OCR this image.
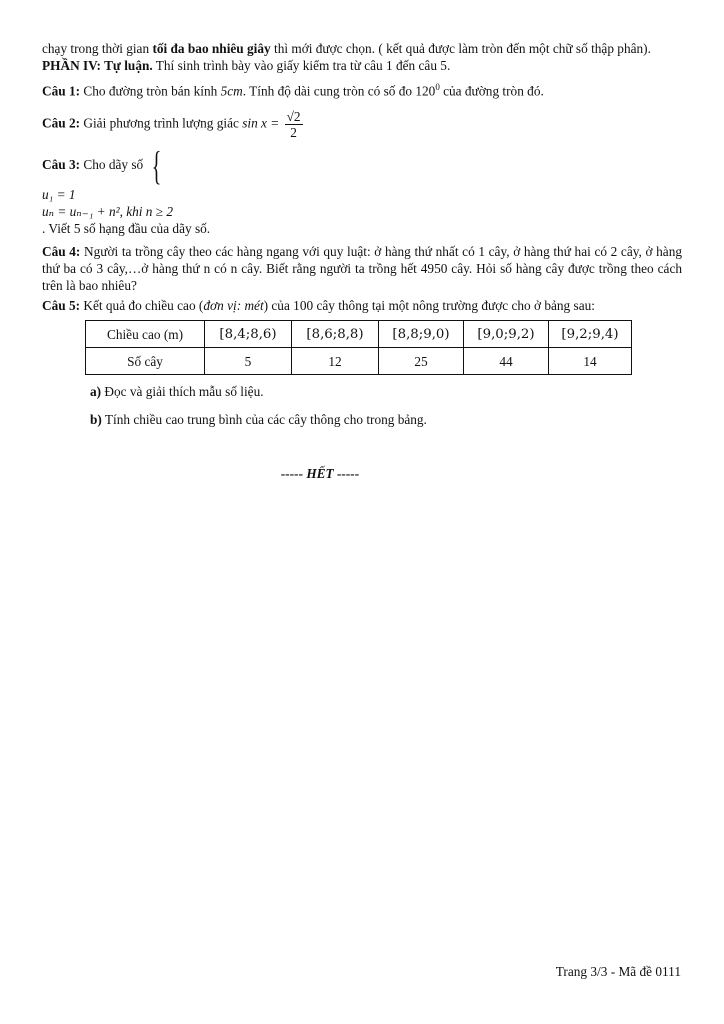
chạy trong thời gian tối đa bao nhiêu giây thì mới được chọn. ( kết quả được làm tròn đến một chữ số thập phân).

PHẦN IV: Tự luận. Thí sinh trình bày vào giấy kiểm tra từ câu 1 đến câu 5.

Câu 1: Cho đường tròn bán kính 5cm. Tính độ dài cung tròn có số đo $120^0$ của đường tròn đó.

Câu 2: Giải phương trình lượng giác $\sin x = \frac{√2}{2}$

Câu 3: Cho dãy số {

u₁ = 1
uₙ = uₙ₋₁ + n², khi n ≥ 2
. Viết 5 số hạng đầu của dãy số.

Câu 4: Người ta trồng cây theo các hàng ngang với quy luật: ở hàng thứ nhất có 1 cây, ở hàng thứ hai có 2 cây, ở hàng thứ ba có 3 cây,…ở hàng thứ n có n cây. Biết rằng người ta trồng hết 4950 cây. Hỏi số hàng cây được trồng theo cách trên là bao nhiêu?

Câu 5: Kết quả đo chiều cao (đơn vị: mét) của 100 cây thông tại một nông trường được cho ở bảng sau:

Chiều cao (m)	[8,4;8,6)	[8,6;8,8)	[8,8;9,0)	[9,0;9,2)	[9,2;9,4)
Số cây	5	12	25	44	14

a) Đọc và giải thích mẫu số liệu.

b) Tính chiều cao trung bình của các cây thông cho trong bảng.

----- HẾT -----
Trang 3/3 - Mã đề 0111
